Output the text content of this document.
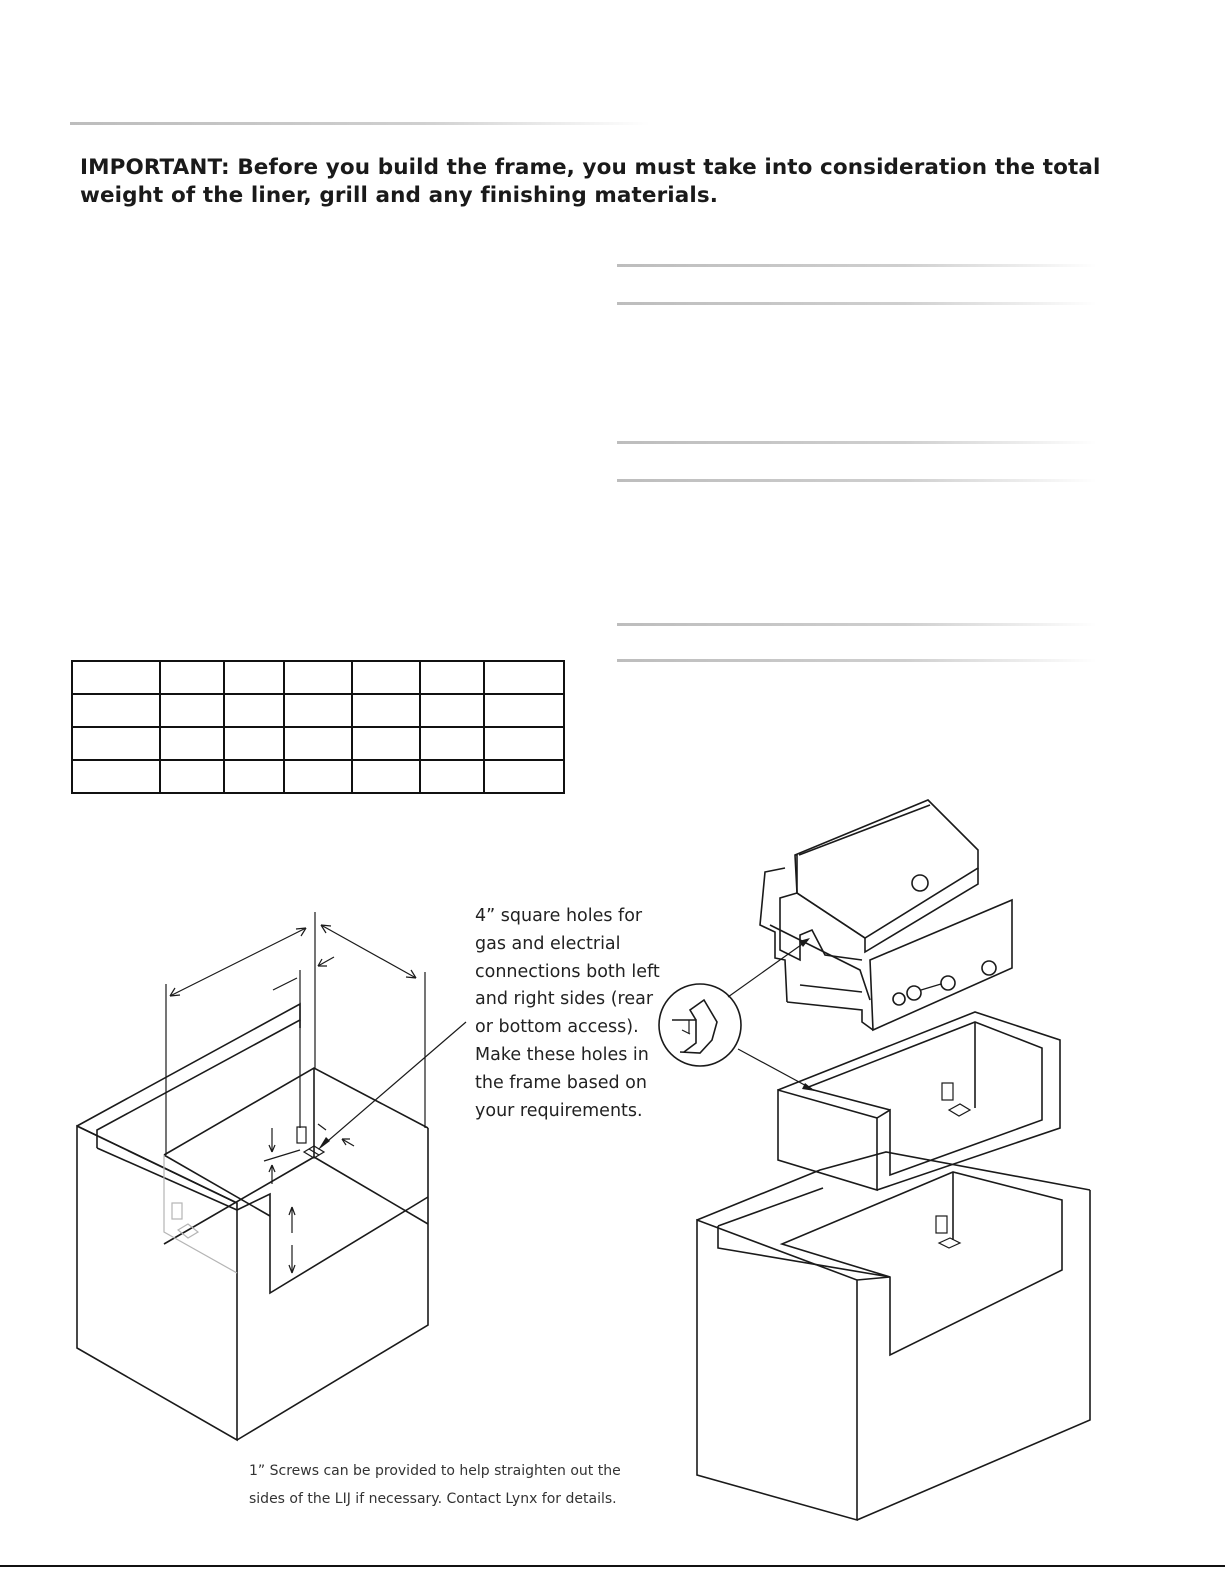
IMPORTANT: Before you build the frame, you must take into consideration the total weight of the liner, grill and any finishing materials.

4” square holes for gas and electrial connections both left and right sides (rear or bottom access). Make these holes in the frame based on your requirements.

1” Screws can be provided to help straighten out the sides of the LIJ if necessary. Contact Lynx for details.
